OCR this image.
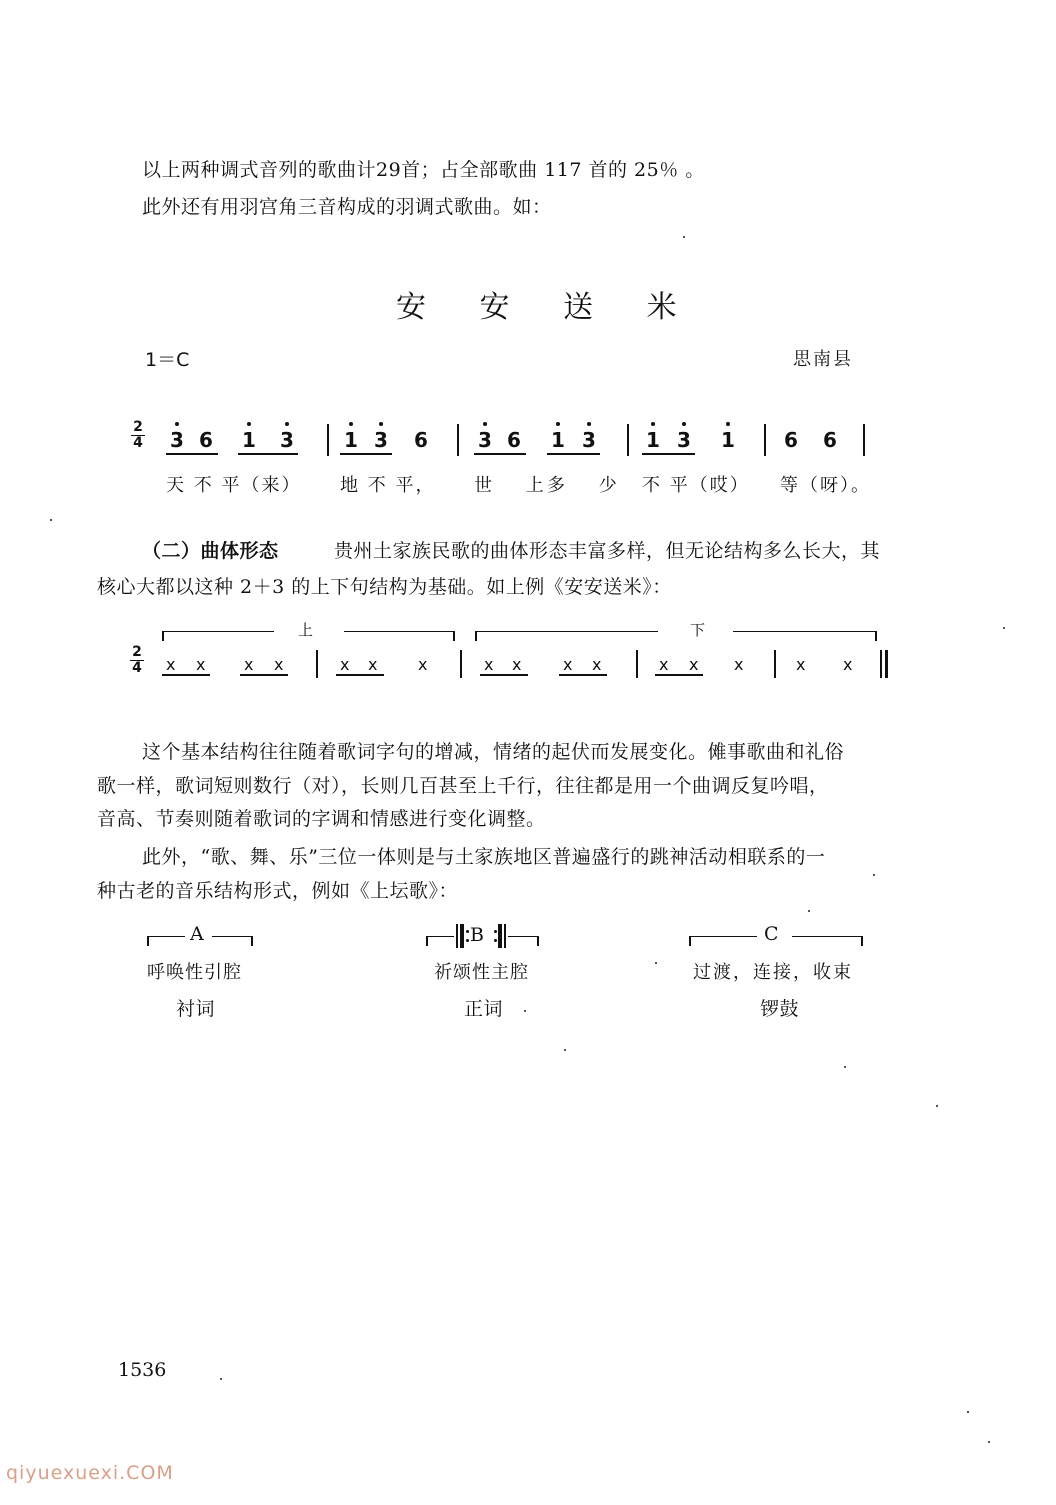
以上两种调式音列的歌曲计29首；占全部歌曲 117 首的 25％ 。
此外还有用羽宫角三音构成的羽调式歌曲。如：
安 安 送 米
1＝C	思南县
2
4 3 6 1 3	1 3 6	3 6 1 3	1 3 1 6 6
天 不 平（来） 地 不 平， 世 上
多 少 不 平（哎） 等（呀）。
（二）曲体形态	贵州土家族民歌的曲体形态丰富多样，但无论结构多么长大，其
核心大都以这种 2＋3 的上下句结构为基础。如上例《安安送米》：
上	下
2
4 x x x x	x x	x	x x	x x	x x x	x x
这个基本结构往往随着歌词字句的增减，情绪的起伏而发展变化。傩事歌曲和礼俗
歌一样，歌词短则数行（对），长则几百甚至上千行，往往都是用一个曲调反复吟唱，
音高、节奏则随着歌词的字调和情感进行变化调整。
此外，“歌、舞、乐”三位一体则是与土家族地区普遍盛行的跳神活动相联系的一
种古老的音乐结构形式，例如《上坛歌》：
A
呼唤性引腔
衬词
B
祈颂性主腔
正词
C
过渡，连接，收束
锣鼓
1536
qiyuexuexi.COM
